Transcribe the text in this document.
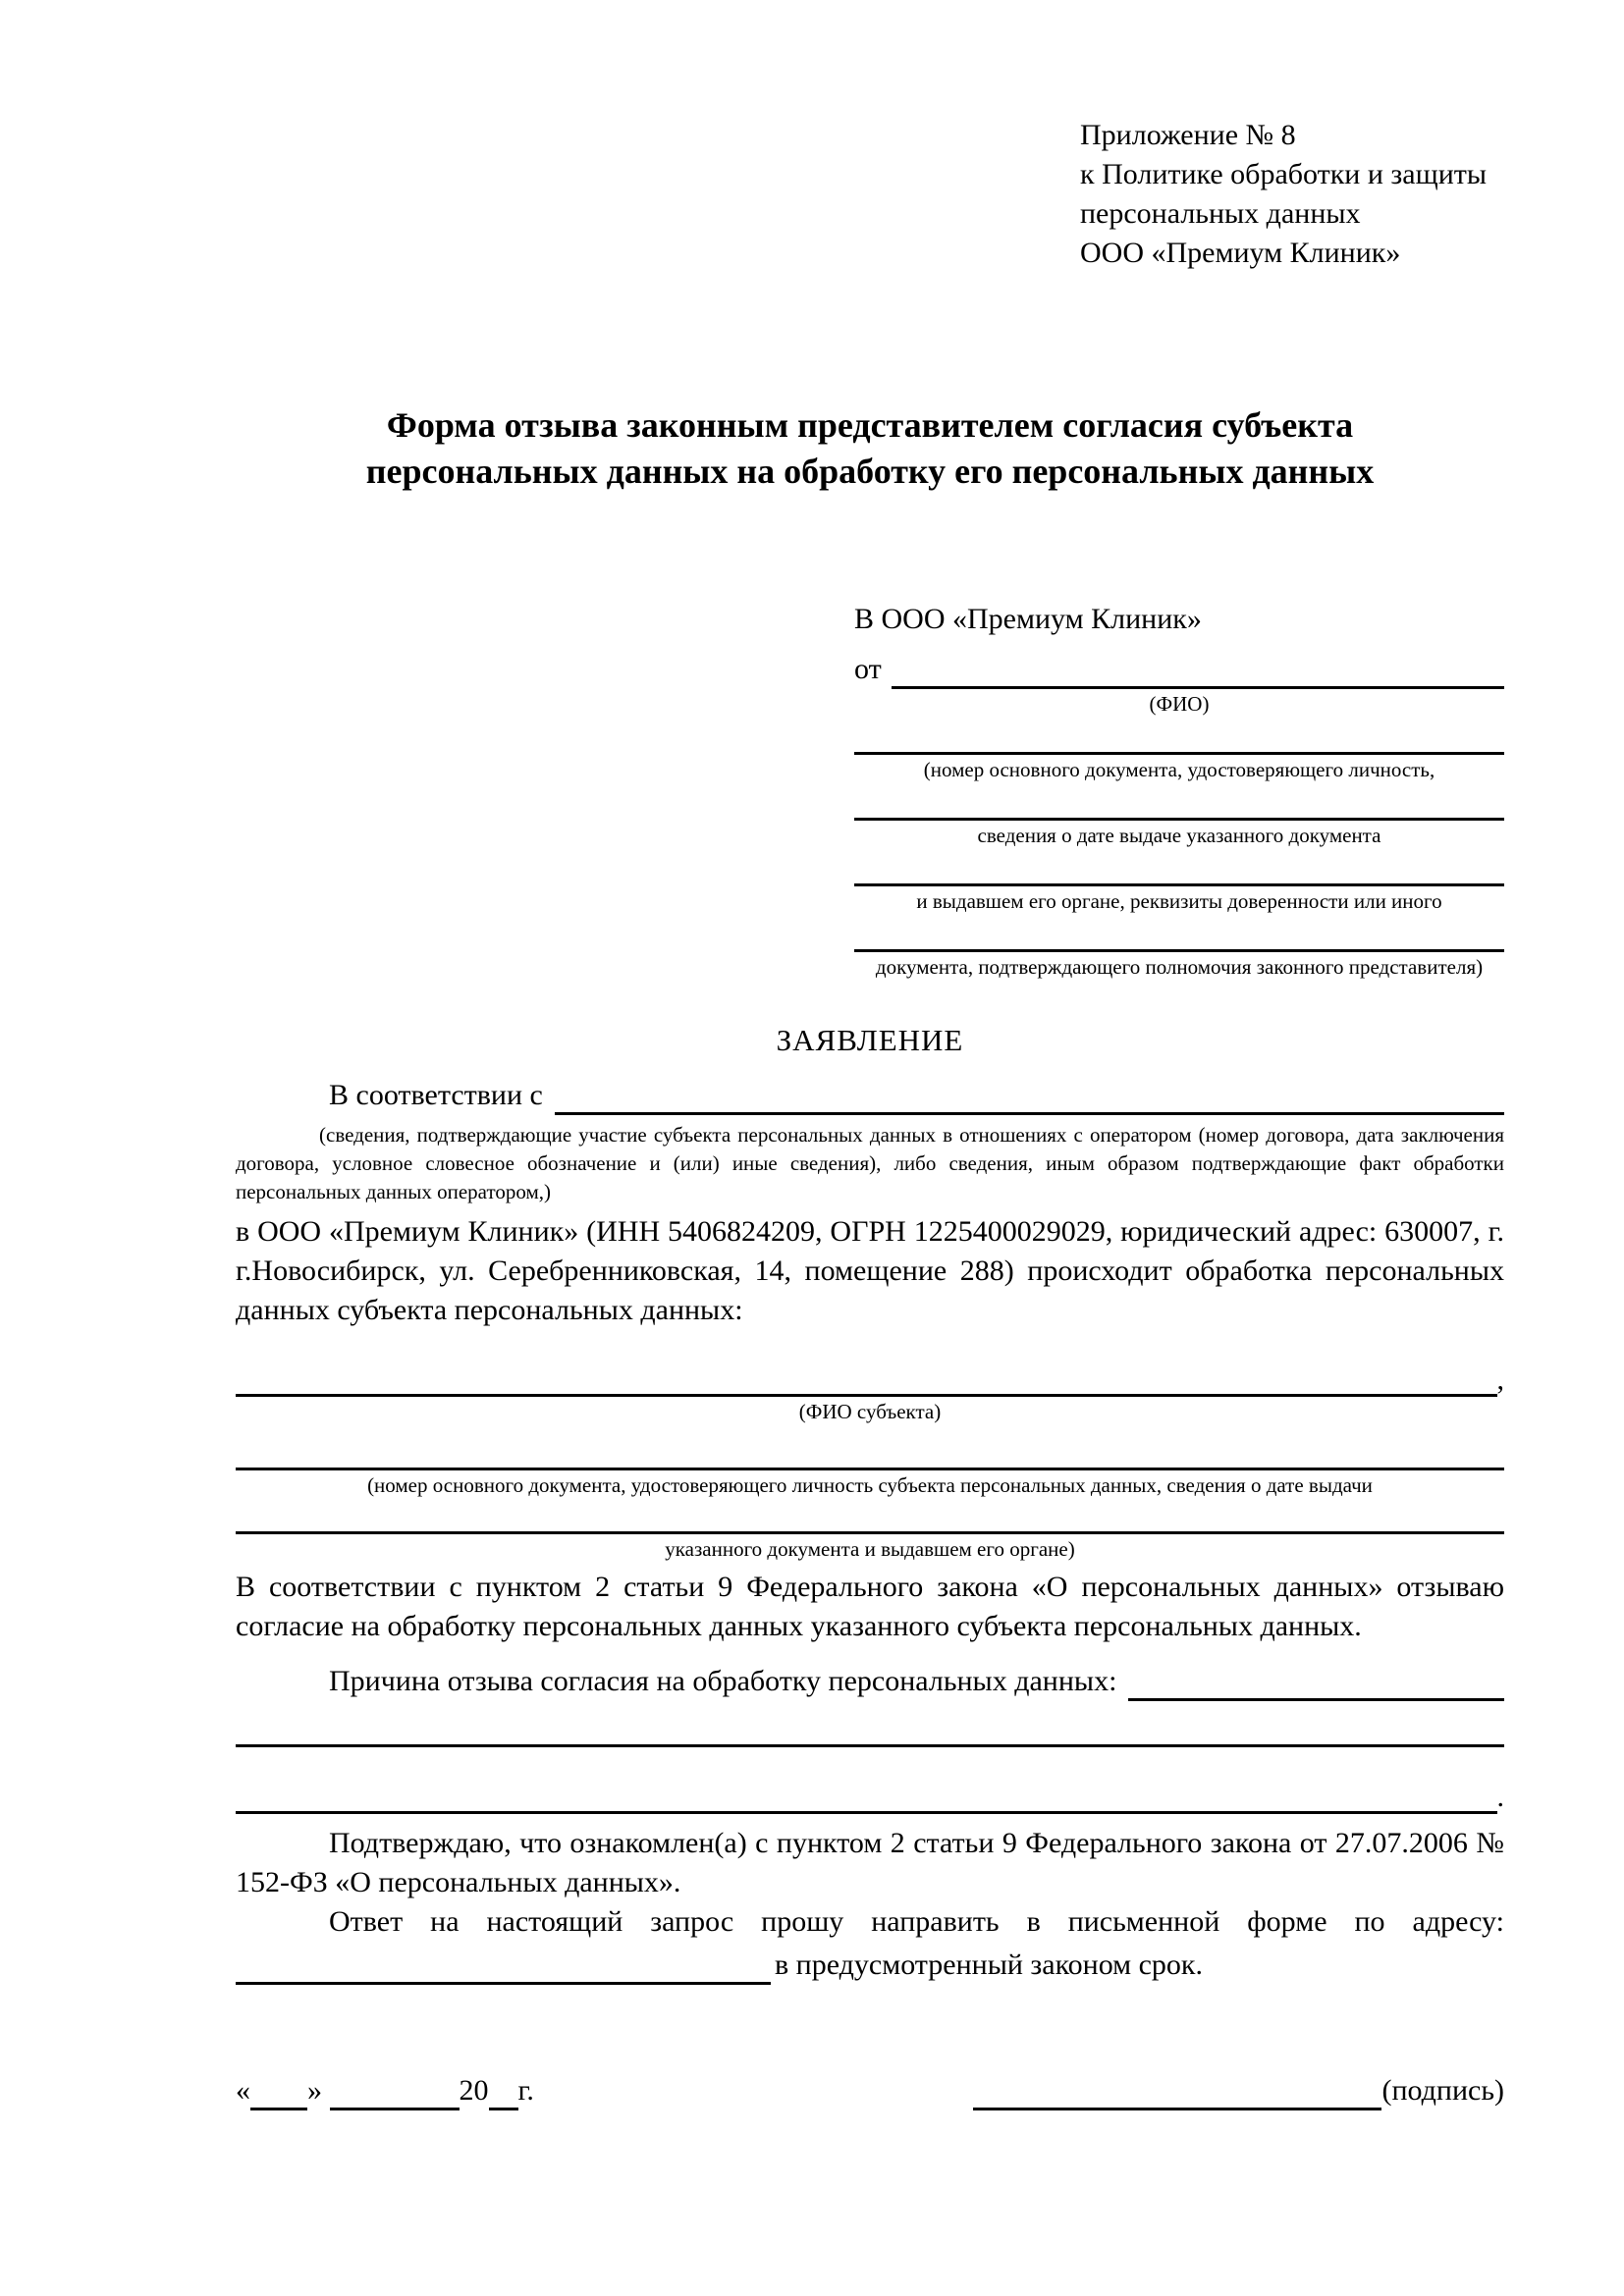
Приложение № 8
к Политике обработки и защиты
персональных данных
ООО «Премиум Клиник»
Форма отзыва законным представителем согласия субъекта персональных данных на обработку его персональных данных
В ООО «Премиум Клиник»
от
(ФИО)
(номер основного документа, удостоверяющего личность,
сведения о дате выдаче указанного документа
и выдавшем его органе, реквизиты доверенности или иного
документа, подтверждающего полномочия законного представителя)
ЗАЯВЛЕНИЕ
В соответствии с
(сведения, подтверждающие участие субъекта персональных данных в отношениях с оператором (номер договора, дата заключения договора, условное словесное обозначение и (или) иные сведения), либо сведения, иным образом подтверждающие факт обработки персональных данных оператором,)
в ООО «Премиум Клиник» (ИНН 5406824209, ОГРН 1225400029029, юридический адрес: 630007, г. г.Новосибирск, ул. Серебренниковская, 14, помещение 288) происходит обработка персональных данных субъекта персональных данных:
,
(ФИО субъекта)
(номер основного документа, удостоверяющего личность субъекта персональных данных, сведения о дате выдачи
указанного документа и выдавшем его органе)
В соответствии с пунктом 2 статьи 9 Федерального закона «О персональных данных» отзываю согласие на обработку персональных данных указанного субъекта персональных данных.
Причина отзыва согласия на обработку персональных данных:
.
Подтверждаю, что ознакомлен(а) с пунктом 2 статьи 9 Федерального закона от 27.07.2006 № 152-ФЗ «О персональных данных».
Ответ на настоящий запрос прошу направить в письменной форме по адресу:
в предусмотренный законом срок.
« »
	20 г.	(подпись)
